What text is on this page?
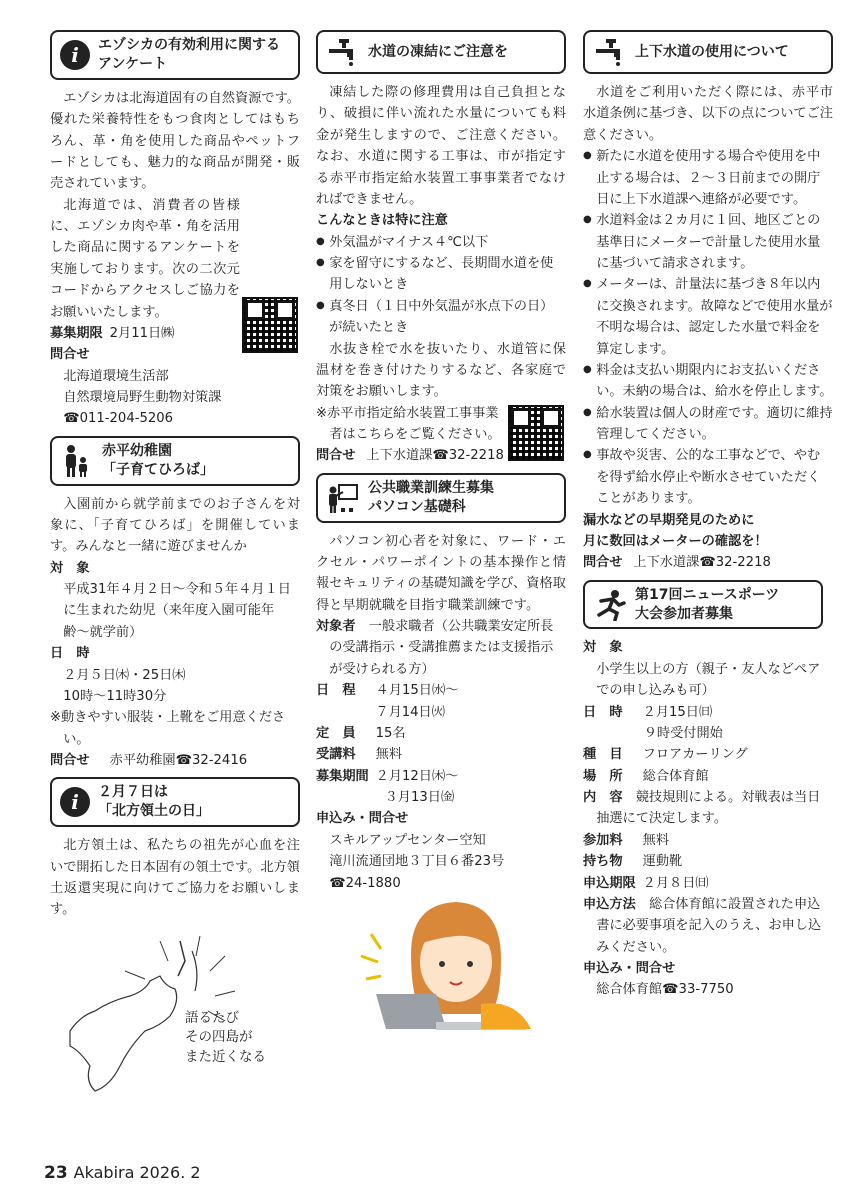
i	エゾシカの有効利用に関するアンケート

エゾシカは北海道固有の自然資源です。優れた栄養特性をもつ食肉としてはもちろん、革・角を使用した商品やペットフードとしても、魅力的な商品が開発・販売されています。

北海道では、消費者の皆様に、エゾシカ肉や革・角を活用した商品に関するアンケートを実施しております。次の二次元コードからアクセスしご協力をお願いいたします。

募集期限 2月11日㈱
問合せ
北海道環境生活部
自然環境局野生動物対策課
☎011-204-5206
赤平幼稚園
「子育てひろば」

入園前から就学前までのお子さんを対象に、「子育てひろば」を開催しています。みんなと一緒に遊びませんか

対　象
平成31年４月２日〜令和５年４月１日に生まれた幼児（来年度入園可能年齢〜就学前）
日　時
２月５日㈭・25日㈭
10時〜11時30分
※動きやすい服装・上靴をご用意ください。
問合せ 赤平幼稚園☎32-2416
i	２月７日は
「北方領土の日」

北方領土は、私たちの祖先が心血を注いで開拓した日本固有の領土です。北方領土返還実現に向けてご協力をお願いします。

語るたび
その四島が
また近くなる
水道の凍結にご注意を

凍結した際の修理費用は自己負担となり、破損に伴い流れた水量についても料金が発生しますので、ご注意ください。なお、水道に関する工事は、市が指定する赤平市指定給水装置工事事業者でなければできません。

こんなときは特に注意
● 外気温がマイナス４℃以下
● 家を留守にするなど、長期間水道を使用しないとき
● 真冬日（１日中外気温が氷点下の日）が続いたとき

水抜き栓で水を抜いたり、水道管に保温材を巻き付けたりするなど、各家庭で対策をお願いします。

※赤平市指定給水装置工事事業者はこちらをご覧ください。
問合せ 上下水道課☎32-2218
公共職業訓練生募集
パソコン基礎科

パソコン初心者を対象に、ワード・エクセル・パワーポイントの基本操作と情報セキュリティの基礎知識を学び、資格取得と早期就職を目指す職業訓練です。

対象者　 一般求職者（公共職業安定所長の受講指示・受講推薦または支援指示が受けられる方）
日　程 ４月15日㈬〜
７月14日㈫
定　員 15名
受講料 無料
募集期間 ２月12日㈭〜
３月13日㈮
申込み・問合せ
スキルアップセンター空知
滝川流通団地３丁目６番23号
☎24-1880
上下水道の使用について

水道をご利用いただく際には、赤平市水道条例に基づき、以下の点についてご注意ください。

● 新たに水道を使用する場合や使用を中止する場合は、２〜３日前までの開庁日に上下水道課へ連絡が必要です。
● 水道料金は２カ月に１回、地区ごとの基準日にメーターで計量した使用水量に基づいて請求されます。
● メーターは、計量法に基づき８年以内に交換されます。故障などで使用水量が不明な場合は、認定した水量で料金を算定します。
● 料金は支払い期限内にお支払いください。未納の場合は、給水を停止します。
● 給水装置は個人の財産です。適切に維持管理してください。
● 事故や災害、公的な工事などで、やむを得ず給水停止や断水させていただくことがあります。
漏水などの早期発見のために
月に数回はメーターの確認を！
問合せ 上下水道課☎32-2218
第17回ニュースポーツ
大会参加者募集
対　象
小学生以上の方（親子・友人などペアでの申し込みも可）
日　時 ２月15日㈰
９時受付開始
種　目 フロアカーリング
場　所 総合体育館
内　容　 競技規則による。対戦表は当日抽選にて決定します。
参加料 無料
持ち物 運動靴
申込期限 ２月８日㈰
申込方法　 総合体育館に設置された申込書に必要事項を記入のうえ、お申し込みください。
申込み・問合せ
総合体育館☎33-7750
23 Akabira 2026. 2
